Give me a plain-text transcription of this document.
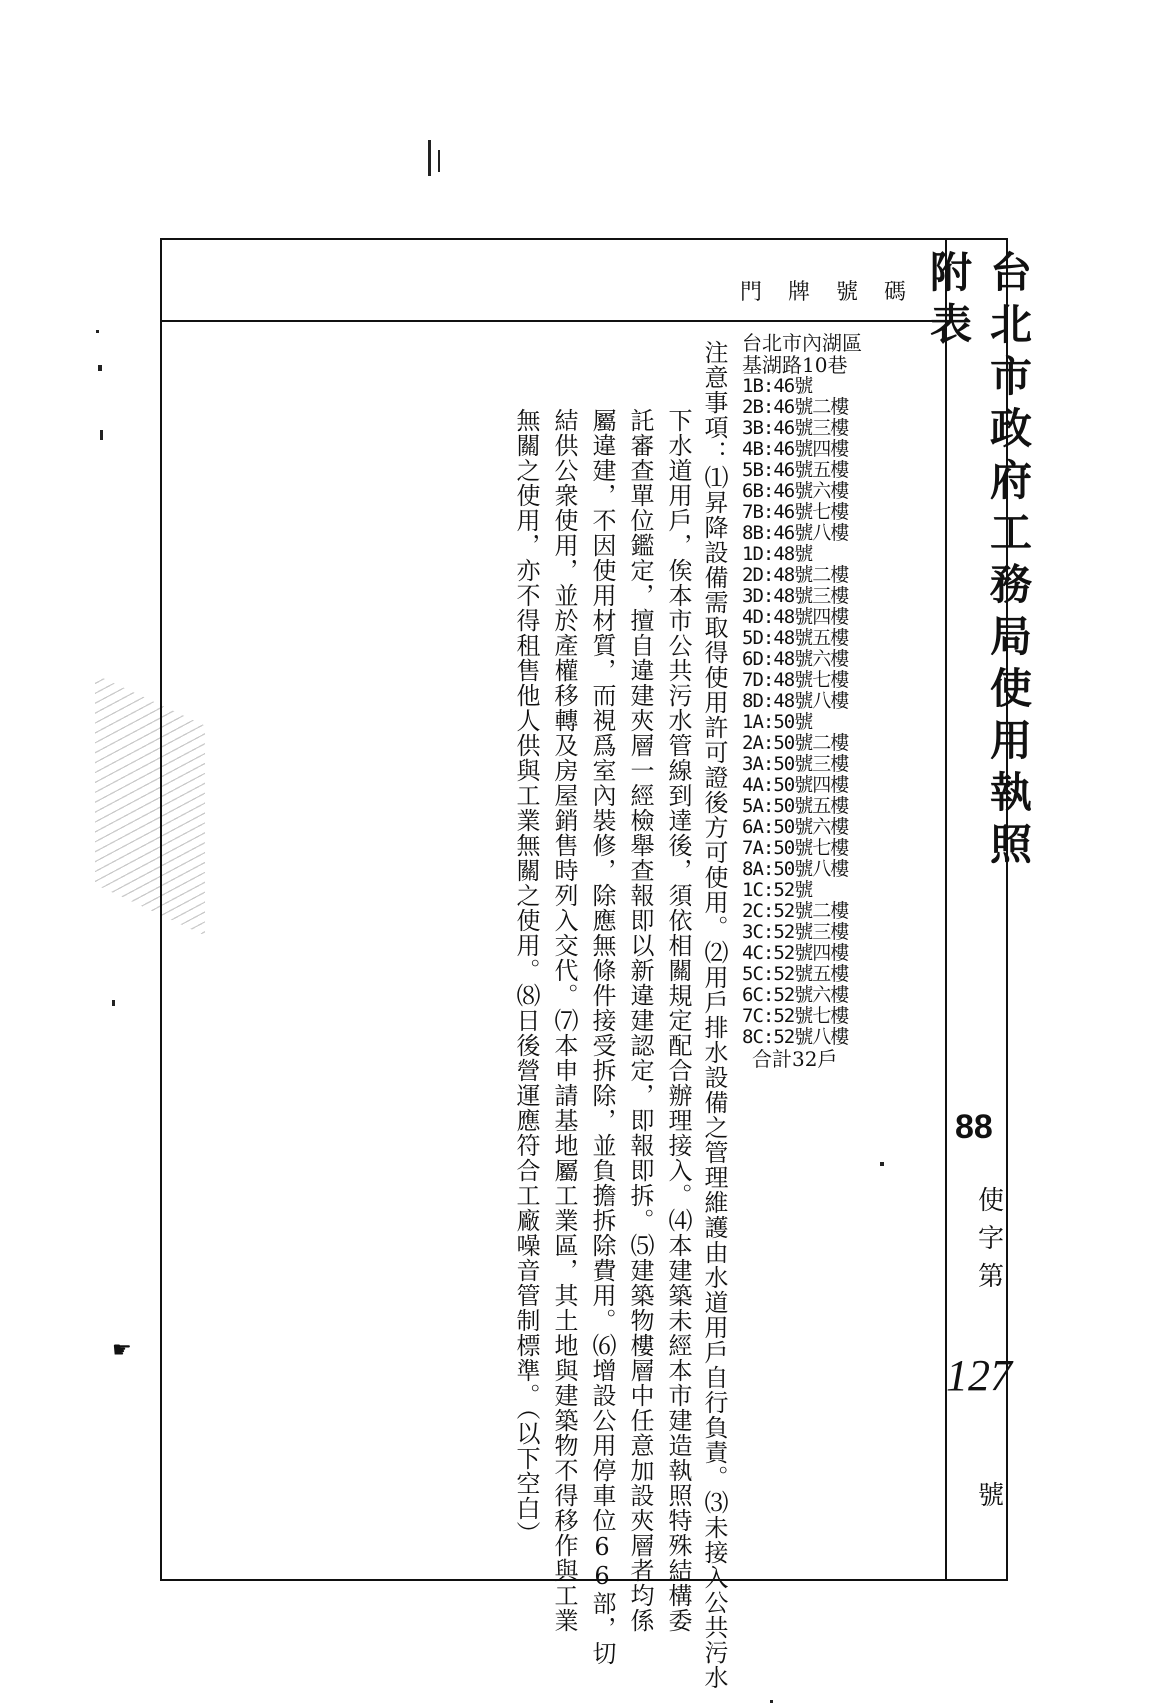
☛
台北市政府工務局使用執照附表
88
使
字
第
127
號
門牌號碼
台北市內湖區
基湖路10巷
1B:46號
2B:46號二樓
3B:46號三樓
4B:46號四樓
5B:46號五樓
6B:46號六樓
7B:46號七樓
8B:46號八樓
1D:48號
2D:48號二樓
3D:48號三樓
4D:48號四樓
5D:48號五樓
6D:48號六樓
7D:48號七樓
8D:48號八樓
1A:50號
2A:50號二樓
3A:50號三樓
4A:50號四樓
5A:50號五樓
6A:50號六樓
7A:50號七樓
8A:50號八樓
1C:52號
2C:52號二樓
3C:52號三樓
4C:52號四樓
5C:52號五樓
6C:52號六樓
7C:52號七樓
8C:52號八樓
合計32戶
注意事項：⑴昇降設備需取得使用許可證後方可使用。⑵用戶排水設備之管理維護由水道用戶自行負責。⑶未接入公共污水
下水道用戶，俟本市公共污水管線到達後，須依相關規定配合辦理接入。⑷本建築未經本市建造執照特殊結構委
託審查單位鑑定，擅自違建夾層一經檢舉查報即以新違建認定，即報即拆。⑸建築物樓層中任意加設夾層者均係
屬違建，不因使用材質，而視爲室內裝修，除應無條件接受拆除，並負擔拆除費用。⑹增設公用停車位66部，切
結供公衆使用，並於產權移轉及房屋銷售時列入交代。⑺本申請基地屬工業區，其土地與建築物不得移作與工業
無關之使用，亦不得租售他人供與工業無關之使用。⑻日後營運應符合工廠噪音管制標準。（以下空白）
